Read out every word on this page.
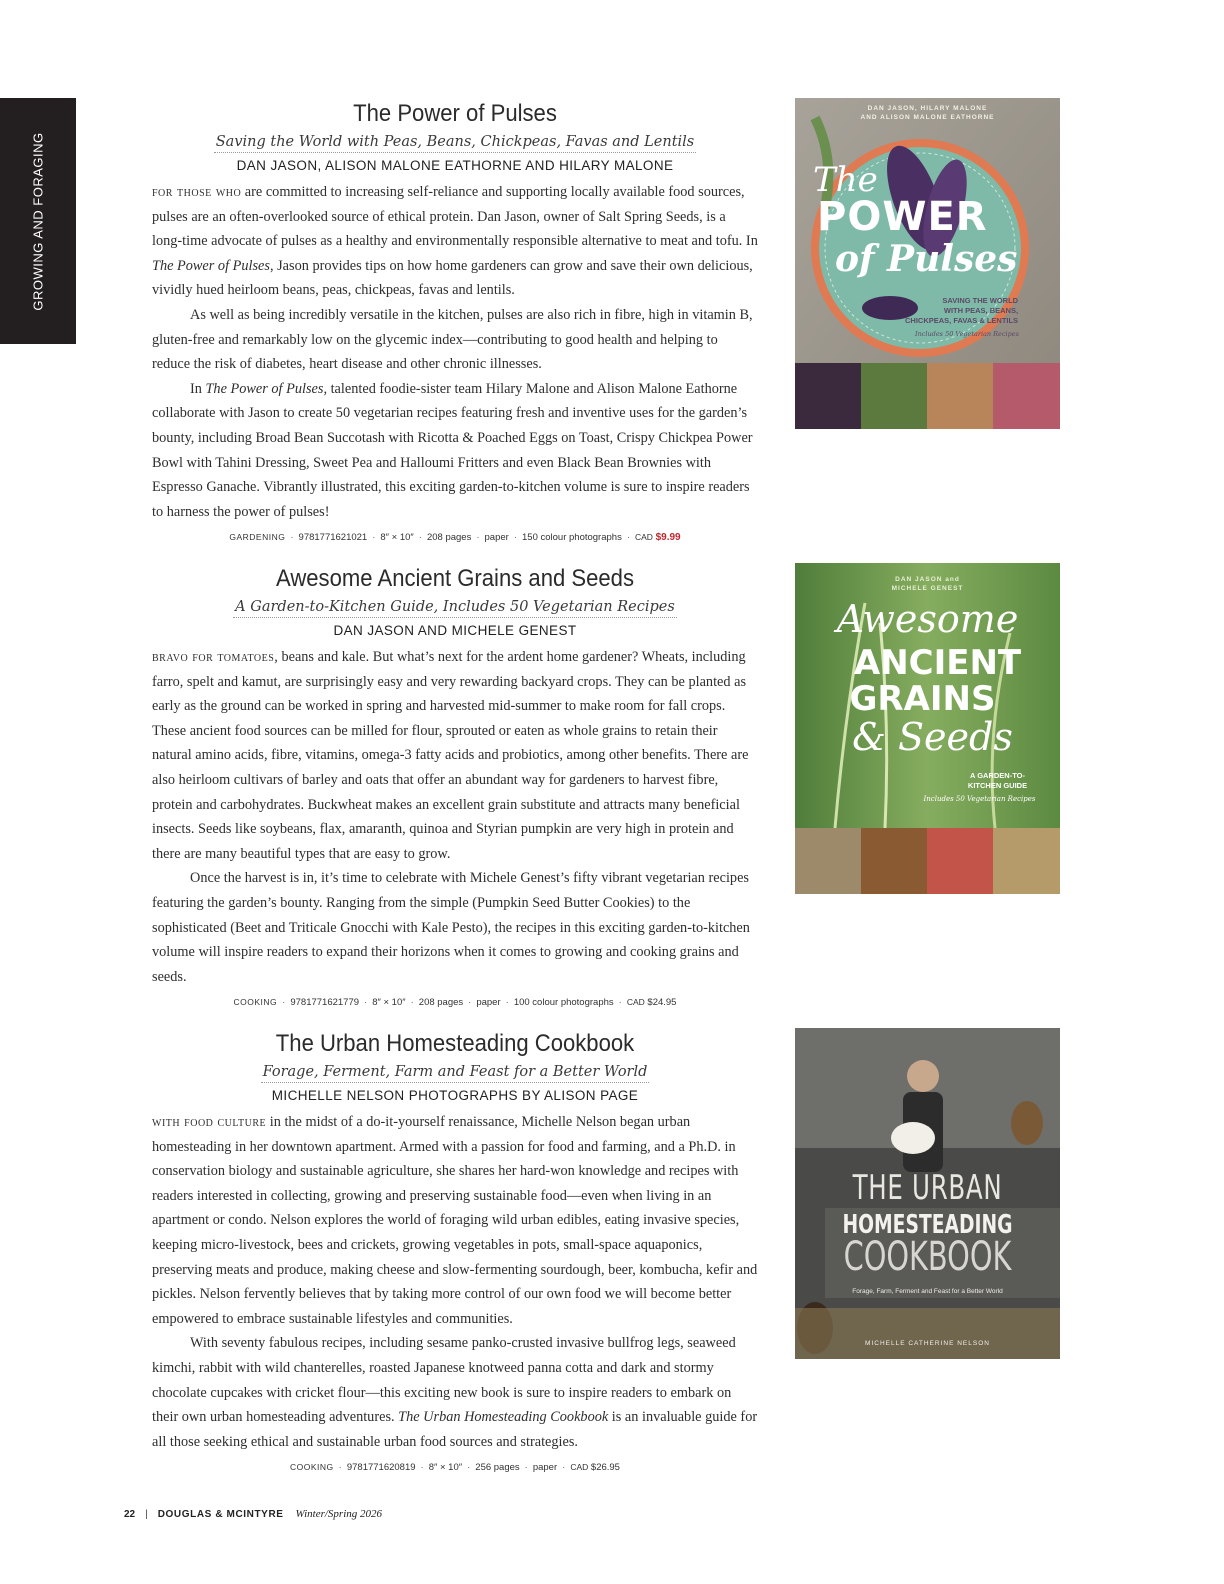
GROWING AND FORAGING
The Power of Pulses

Saving the World with Peas, Beans, Chickpeas, Favas and Lentils

DAN JASON, ALISON MALONE EATHORNE AND HILARY MALONE

for those who are committed to increasing self-reliance and supporting locally available food sources, pulses are an often-overlooked source of ethical protein. Dan Jason, owner of Salt Spring Seeds, is a long-time advocate of pulses as a healthy and environmentally responsible alternative to meat and tofu. In The Power of Pulses, Jason provides tips on how home gardeners can grow and save their own delicious, vividly hued heirloom beans, peas, chickpeas, favas and lentils.

As well as being incredibly versatile in the kitchen, pulses are also rich in fibre, high in vitamin B, gluten-free and remarkably low on the glycemic index—contributing to good health and helping to reduce the risk of diabetes, heart disease and other chronic illnesses.

In The Power of Pulses, talented foodie-sister team Hilary Malone and Alison Malone Eathorne collaborate with Jason to create 50 vegetarian recipes featuring fresh and inventive uses for the garden’s bounty, including Broad Bean Succotash with Ricotta & Poached Eggs on Toast, Crispy Chickpea Power Bowl with Tahini Dressing, Sweet Pea and Halloumi Fritters and even Black Bean Brownies with Espresso Ganache. Vibrantly illustrated, this exciting garden-to-kitchen volume is sure to inspire readers to harness the power of pulses!

GARDENING · 9781771621021 · 8″ × 10″ · 208 pages · paper · 150 colour photographs · CAD $9.99
DAN JASON, HILARY MALONE
AND ALISON MALONE EATHORNE
The
POWER
of Pulses
SAVING THE WORLD
WITH PEAS, BEANS,
CHICKPEAS, FAVAS & LENTILS
Includes 50 Vegetarian Recipes
Awesome Ancient Grains and Seeds

A Garden-to-Kitchen Guide, Includes 50 Vegetarian Recipes

DAN JASON AND MICHELE GENEST

bravo for tomatoes, beans and kale. But what’s next for the ardent home gardener? Wheats, including farro, spelt and kamut, are surprisingly easy and very rewarding backyard crops. They can be planted as early as the ground can be worked in spring and harvested mid-summer to make room for fall crops. These ancient food sources can be milled for flour, sprouted or eaten as whole grains to retain their natural amino acids, fibre, vitamins, omega-3 fatty acids and probiotics, among other benefits. There are also heirloom cultivars of barley and oats that offer an abundant way for gardeners to harvest fibre, protein and carbohydrates. Buckwheat makes an excellent grain substitute and attracts many beneficial insects. Seeds like soybeans, flax, amaranth, quinoa and Styrian pumpkin are very high in protein and there are many beautiful types that are easy to grow.

Once the harvest is in, it’s time to celebrate with Michele Genest’s fifty vibrant vegetarian recipes featuring the garden’s bounty. Ranging from the simple (Pumpkin Seed Butter Cookies) to the sophisticated (Beet and Triticale Gnocchi with Kale Pesto), the recipes in this exciting garden-to-kitchen volume will inspire readers to expand their horizons when it comes to growing and cooking grains and seeds.

COOKING · 9781771621779 · 8″ × 10″ · 208 pages · paper · 100 colour photographs · CAD $24.95
DAN JASON and
MICHELE GENEST
Awesome
ANCIENT
GRAINS
& Seeds
A GARDEN-TO-
KITCHEN GUIDE
Includes 50 Vegetarian Recipes
The Urban Homesteading Cookbook

Forage, Ferment, Farm and Feast for a Better World

MICHELLE NELSON PHOTOGRAPHS BY ALISON PAGE

with food culture in the midst of a do-it-yourself renaissance, Michelle Nelson began urban homesteading in her downtown apartment. Armed with a passion for food and farming, and a Ph.D. in conservation biology and sustainable agriculture, she shares her hard-won knowledge and recipes with readers interested in collecting, growing and preserving sustainable food—even when living in an apartment or condo. Nelson explores the world of foraging wild urban edibles, eating invasive species, keeping micro-livestock, bees and crickets, growing vegetables in pots, small-space aquaponics, preserving meats and produce, making cheese and slow-fermenting sourdough, beer, kombucha, kefir and pickles. Nelson fervently believes that by taking more control of our own food we will become better empowered to embrace sustainable lifestyles and communities.

With seventy fabulous recipes, including sesame panko-crusted invasive bullfrog legs, seaweed kimchi, rabbit with wild chanterelles, roasted Japanese knotweed panna cotta and dark and stormy chocolate cupcakes with cricket flour—this exciting new book is sure to inspire readers to embark on their own urban homesteading adventures. The Urban Homesteading Cookbook is an invaluable guide for all those seeking ethical and sustainable urban food sources and strategies.

COOKING · 9781771620819 · 8″ × 10″ · 256 pages · paper · CAD $26.95
THE URBAN
HOMESTEADING
COOKBOOK
Forage, Farm, Ferment and Feast for a Better World
MICHELLE CATHERINE NELSON
22 | DOUGLAS & MCINTYRE Winter/Spring 2026
